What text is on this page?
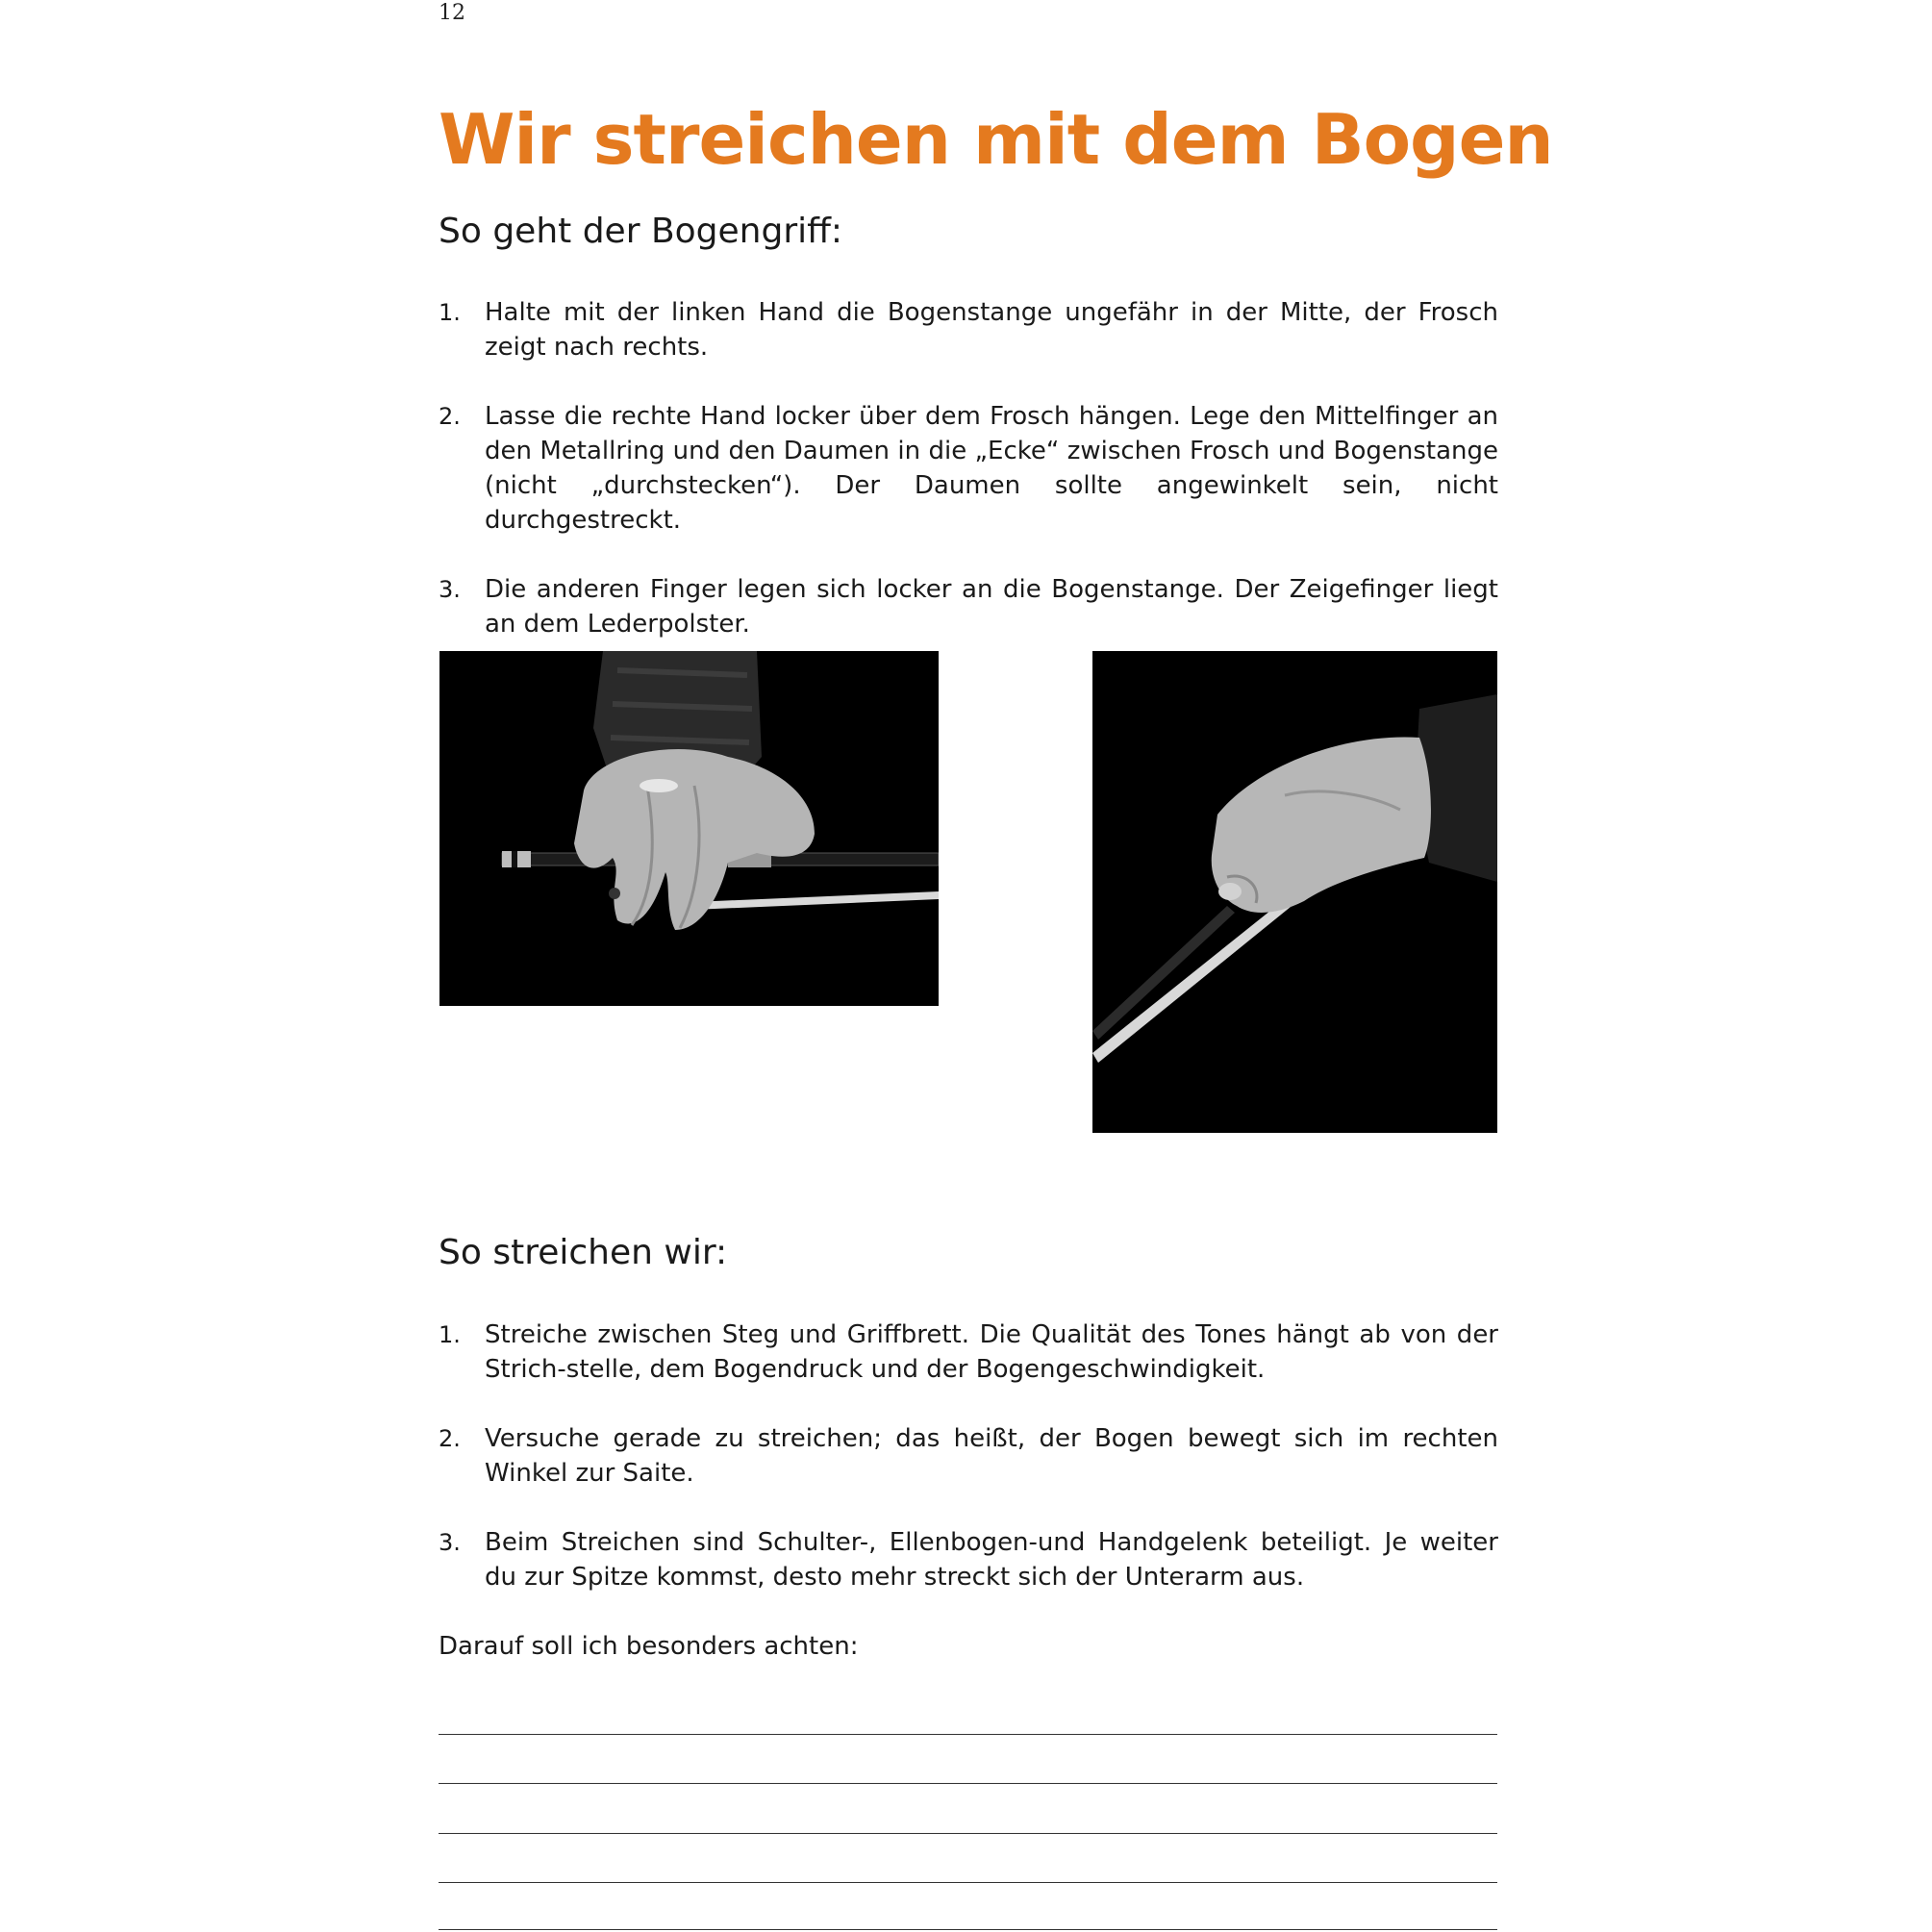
12
Wir streichen mit dem Bogen
So geht der Bogengriff:
1. Halte mit der linken Hand die Bogenstange ungefähr in der Mitte, der Frosch zeigt nach rechts.
2. Lasse die rechte Hand locker über dem Frosch hängen. Lege den Mittelfinger an den Metallring und den Daumen in die „Ecke“ zwischen Frosch und Bogenstange (nicht „durchstecken“). Der Daumen sollte angewinkelt sein, nicht durchgestreckt.
3. Die anderen Finger legen sich locker an die Bogenstange. Der Zeigefinger liegt an dem Lederpolster.
So streichen wir:
1. Streiche zwischen Steg und Griffbrett. Die Qualität des Tones hängt ab von der Strich-stelle, dem Bogendruck und der Bogengeschwindigkeit.
2. Versuche gerade zu streichen; das heißt, der Bogen bewegt sich im rechten Winkel zur Saite.
3. Beim Streichen sind Schulter-, Ellenbogen-und Handgelenk beteiligt. Je weiter du zur Spitze kommst, desto mehr streckt sich der Unterarm aus.
Darauf soll ich besonders achten:
